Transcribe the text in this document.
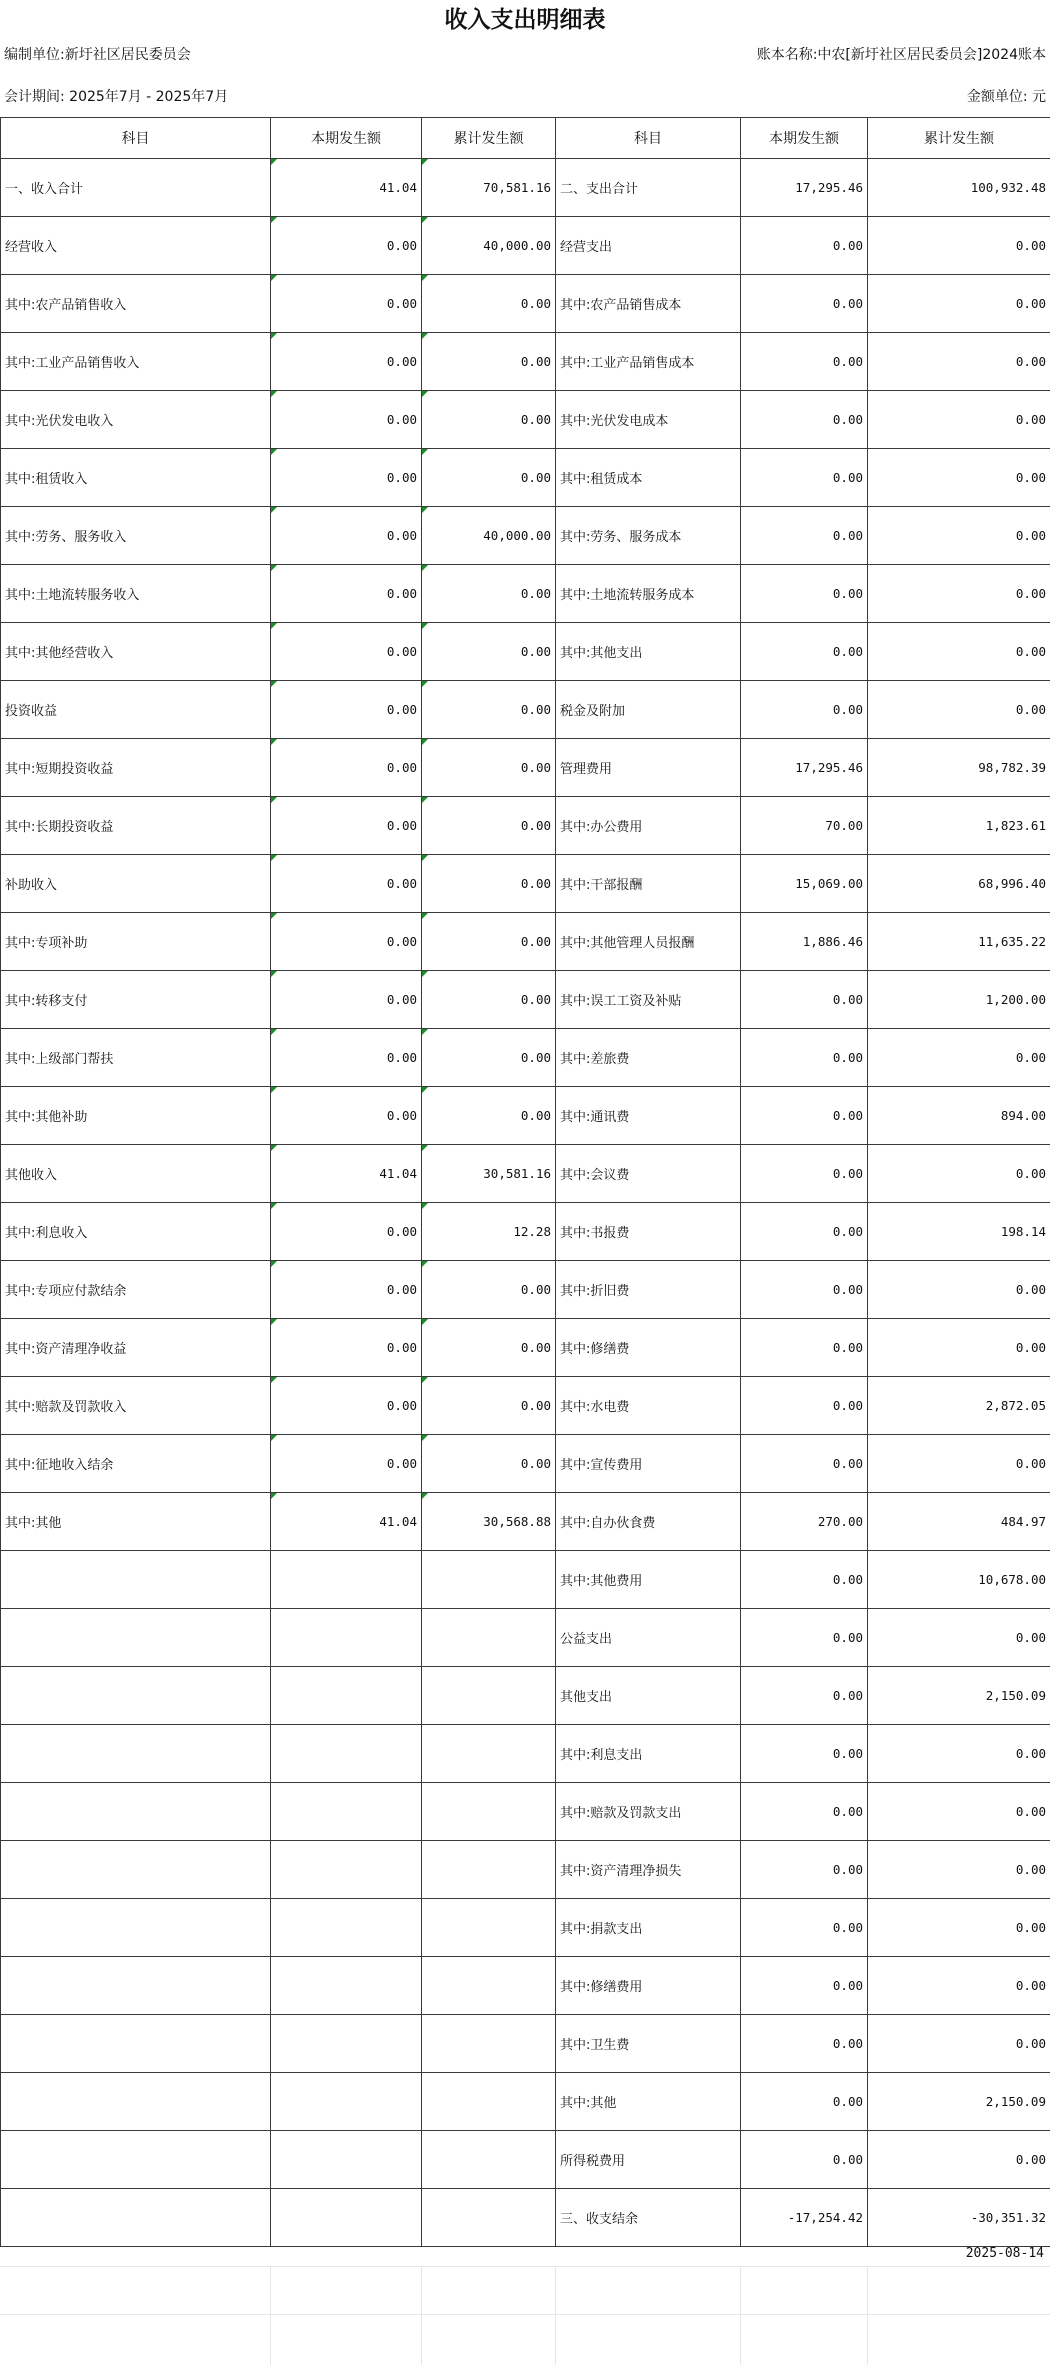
收入支出明细表
编制单位:新圩社区居民委员会	账本名称:中农[新圩社区居民委员会]2024账本
会计期间: 2025年7月 - 2025年7月	金额单位: 元
科目	本期发生额	累计发生额	科目	本期发生额	累计发生额
一、收入合计	41.04	70,581.16	二、支出合计	17,295.46	100,932.48
经营收入	0.00	40,000.00	经营支出	0.00	0.00
其中:农产品销售收入	0.00	0.00	其中:农产品销售成本	0.00	0.00
其中:工业产品销售收入	0.00	0.00	其中:工业产品销售成本	0.00	0.00
其中:光伏发电收入	0.00	0.00	其中:光伏发电成本	0.00	0.00
其中:租赁收入	0.00	0.00	其中:租赁成本	0.00	0.00
其中:劳务、服务收入	0.00	40,000.00	其中:劳务、服务成本	0.00	0.00
其中:土地流转服务收入	0.00	0.00	其中:土地流转服务成本	0.00	0.00
其中:其他经营收入	0.00	0.00	其中:其他支出	0.00	0.00
投资收益	0.00	0.00	税金及附加	0.00	0.00
其中:短期投资收益	0.00	0.00	管理费用	17,295.46	98,782.39
其中:长期投资收益	0.00	0.00	其中:办公费用	70.00	1,823.61
补助收入	0.00	0.00	其中:干部报酬	15,069.00	68,996.40
其中:专项补助	0.00	0.00	其中:其他管理人员报酬	1,886.46	11,635.22
其中:转移支付	0.00	0.00	其中:误工工资及补贴	0.00	1,200.00
其中:上级部门帮扶	0.00	0.00	其中:差旅费	0.00	0.00
其中:其他补助	0.00	0.00	其中:通讯费	0.00	894.00
其他收入	41.04	30,581.16	其中:会议费	0.00	0.00
其中:利息收入	0.00	12.28	其中:书报费	0.00	198.14
其中:专项应付款结余	0.00	0.00	其中:折旧费	0.00	0.00
其中:资产清理净收益	0.00	0.00	其中:修缮费	0.00	0.00
其中:赔款及罚款收入	0.00	0.00	其中:水电费	0.00	2,872.05
其中:征地收入结余	0.00	0.00	其中:宣传费用	0.00	0.00
其中:其他	41.04	30,568.88	其中:自办伙食费	270.00	484.97
			其中:其他费用	0.00	10,678.00
			公益支出	0.00	0.00
			其他支出	0.00	2,150.09
			其中:利息支出	0.00	0.00
			其中:赔款及罚款支出	0.00	0.00
			其中:资产清理净损失	0.00	0.00
			其中:捐款支出	0.00	0.00
			其中:修缮费用	0.00	0.00
			其中:卫生费	0.00	0.00
			其中:其他	0.00	2,150.09
			所得税费用	0.00	0.00
			三、收支结余	-17,254.42	-30,351.32
2025-08-14
